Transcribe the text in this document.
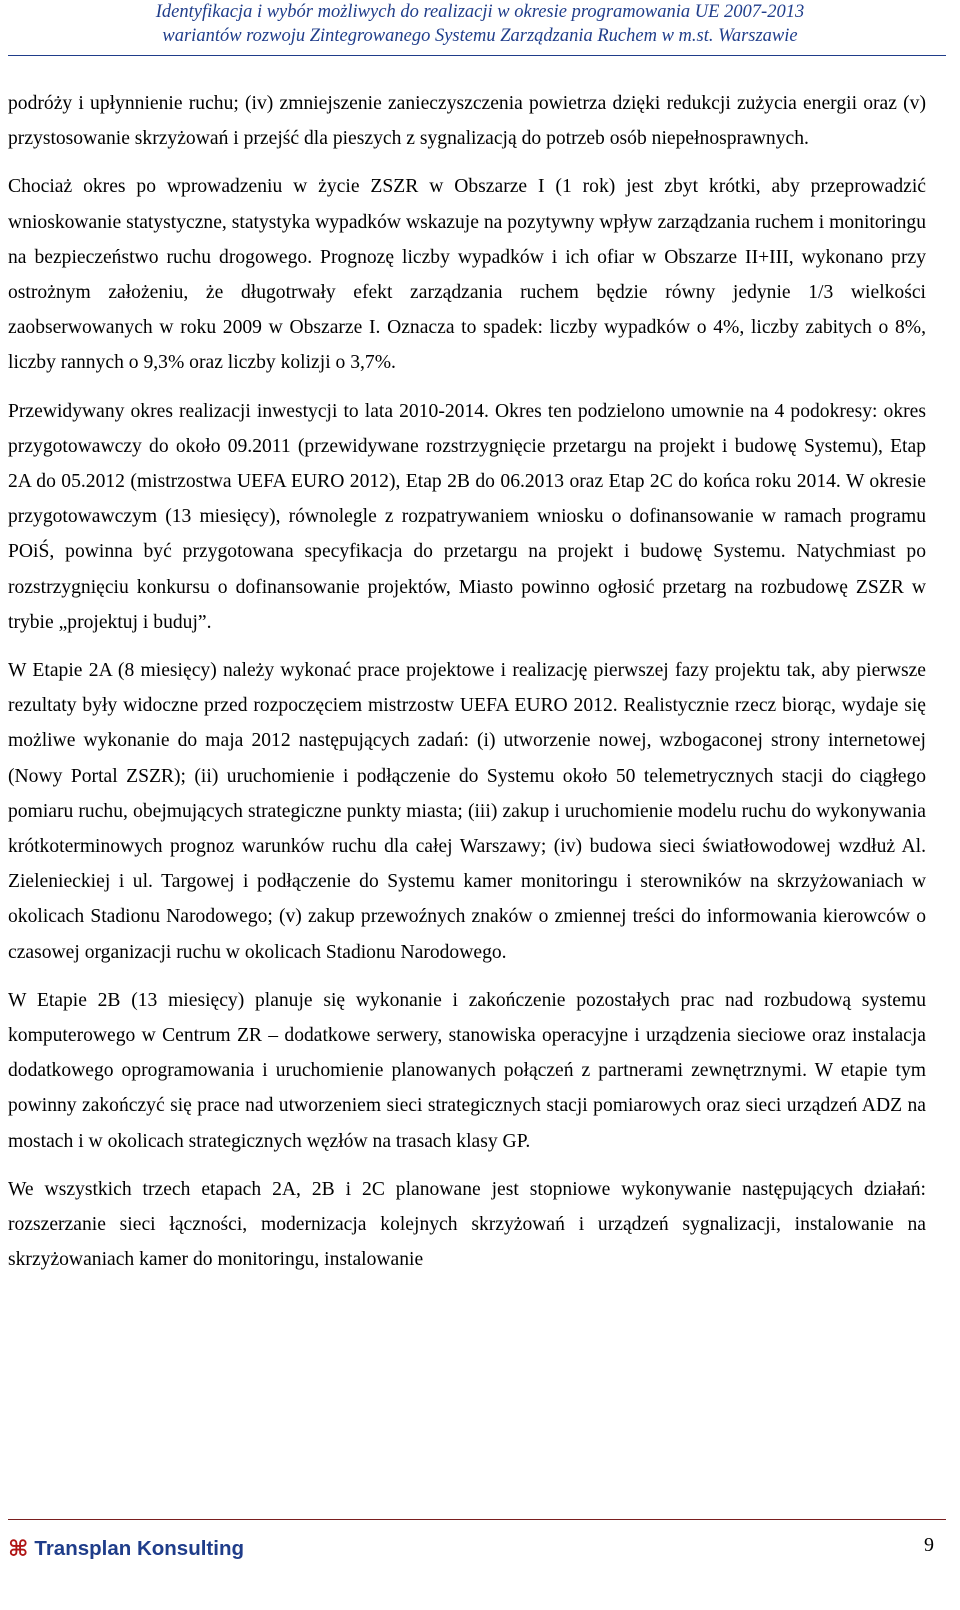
Identyfikacja i wybór możliwych do realizacji w okresie programowania UE 2007-2013
wariantów rozwoju Zintegrowanego Systemu Zarządzania Ruchem w m.st. Warszawie

podróży i upłynnienie ruchu; (iv) zmniejszenie zanieczyszczenia powietrza dzięki redukcji zużycia energii oraz (v) przystosowanie skrzyżowań i przejść dla pieszych z sygnalizacją do potrzeb osób niepełnosprawnych.

Chociaż okres po wprowadzeniu w życie ZSZR w Obszarze I (1 rok) jest zbyt krótki, aby przeprowadzić wnioskowanie statystyczne, statystyka wypadków wskazuje na pozytywny wpływ zarządzania ruchem i monitoringu na bezpieczeństwo ruchu drogowego. Prognozę liczby wypadków i ich ofiar w Obszarze II+III, wykonano przy ostrożnym założeniu, że długotrwały efekt zarządzania ruchem będzie równy jedynie 1/3 wielkości zaobserwowanych w roku 2009 w Obszarze I. Oznacza to spadek: liczby wypadków o 4%, liczby zabitych o 8%, liczby rannych o 9,3% oraz liczby kolizji o 3,7%.

Przewidywany okres realizacji inwestycji to lata 2010-2014. Okres ten podzielono umownie na 4 podokresy: okres przygotowawczy do około 09.2011 (przewidywane rozstrzygnięcie przetargu na projekt i budowę Systemu), Etap 2A do 05.2012 (mistrzostwa UEFA EURO 2012), Etap 2B do 06.2013 oraz Etap 2C do końca roku 2014. W okresie przygotowawczym (13 miesięcy), równolegle z rozpatrywaniem wniosku o dofinansowanie w ramach programu POiŚ, powinna być przygotowana specyfikacja do przetargu na projekt i budowę Systemu. Natychmiast po rozstrzygnięciu konkursu o dofinansowanie projektów, Miasto powinno ogłosić przetarg na rozbudowę ZSZR w trybie „projektuj i buduj”.

W Etapie 2A (8 miesięcy) należy wykonać prace projektowe i realizację pierwszej fazy projektu tak, aby pierwsze rezultaty były widoczne przed rozpoczęciem mistrzostw UEFA EURO 2012. Realistycznie rzecz biorąc, wydaje się możliwe wykonanie do maja 2012 następujących zadań: (i) utworzenie nowej, wzbogaconej strony internetowej (Nowy Portal ZSZR); (ii) uruchomienie i podłączenie do Systemu około 50 telemetrycznych stacji do ciągłego pomiaru ruchu, obejmujących strategiczne punkty miasta; (iii) zakup i uruchomienie modelu ruchu do wykonywania krótkoterminowych prognoz warunków ruchu dla całej Warszawy; (iv) budowa sieci światłowodowej wzdłuż Al. Zielenieckiej i ul. Targowej i podłączenie do Systemu kamer monitoringu i sterowników na skrzyżowaniach w okolicach Stadionu Narodowego; (v) zakup przewoźnych znaków o zmiennej treści do informowania kierowców o czasowej organizacji ruchu w okolicach Stadionu Narodowego.

W Etapie 2B (13 miesięcy) planuje się wykonanie i zakończenie pozostałych prac nad rozbudową systemu komputerowego w Centrum ZR – dodatkowe serwery, stanowiska operacyjne i urządzenia sieciowe oraz instalacja dodatkowego oprogramowania i uruchomienie planowanych połączeń z partnerami zewnętrznymi. W etapie tym powinny zakończyć się prace nad utworzeniem sieci strategicznych stacji pomiarowych oraz sieci urządzeń ADZ na mostach i w okolicach strategicznych węzłów na trasach klasy GP.

We wszystkich trzech etapach 2A, 2B i 2C planowane jest stopniowe wykonywanie następujących działań: rozszerzanie sieci łączności, modernizacja kolejnych skrzyżowań i urządzeń sygnalizacji, instalowanie na skrzyżowaniach kamer do monitoringu, instalowanie

⌘ Transplan Konsulting	9
